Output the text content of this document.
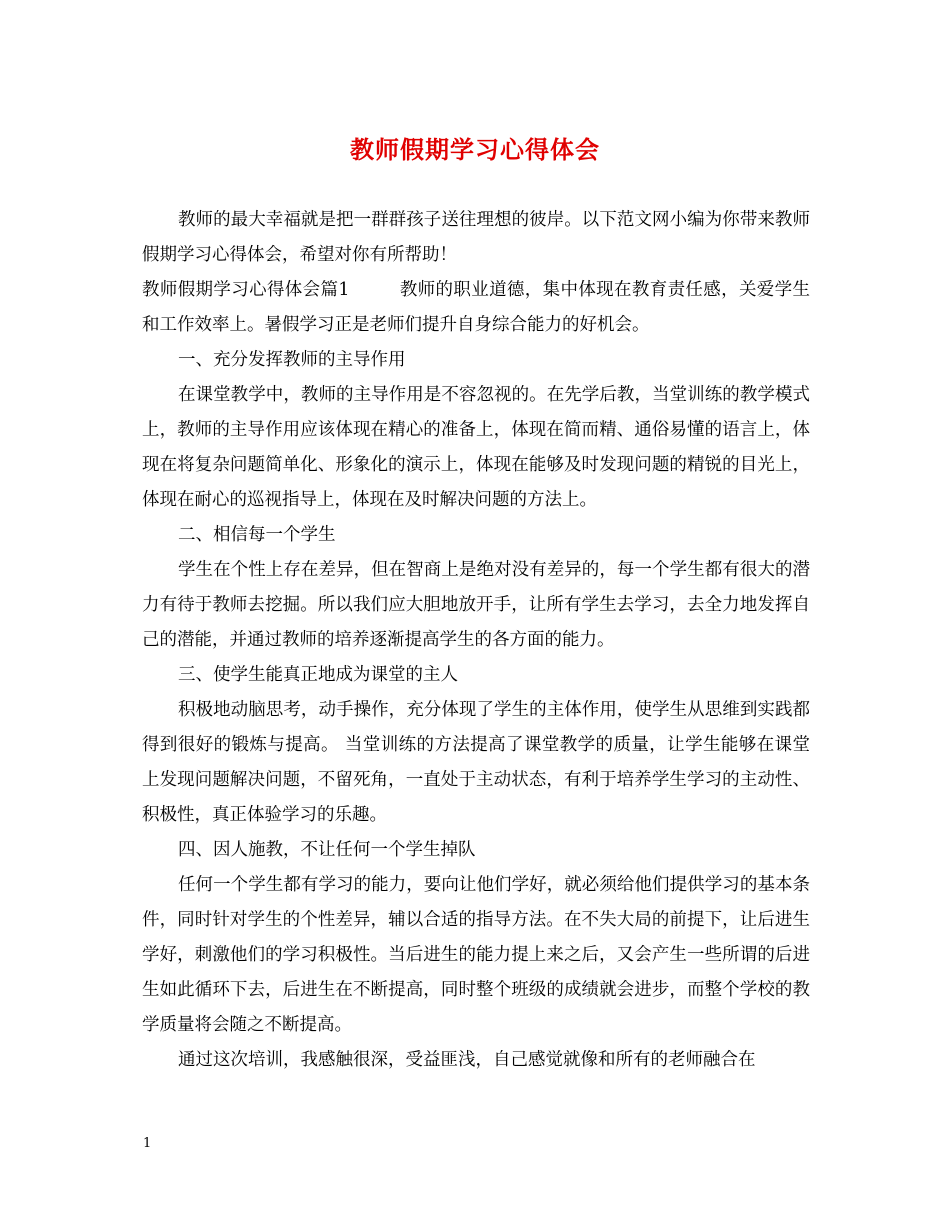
教师假期学习心得体会

教师的最大幸福就是把一群群孩子送往理想的彼岸。以下范文网小编为你带来教师假期学习心得体会，希望对你有所帮助！

教师假期学习心得体会篇1	教师的职业道德，集中体现在教育责任感，关爱学生和工作效率上。暑假学习正是老师们提升自身综合能力的好机会。

一、充分发挥教师的主导作用

在课堂教学中，教师的主导作用是不容忽视的。在先学后教，当堂训练的教学模式上，教师的主导作用应该体现在精心的准备上，体现在简而精、通俗易懂的语言上，体现在将复杂问题简单化、形象化的演示上，体现在能够及时发现问题的精锐的目光上，体现在耐心的巡视指导上，体现在及时解决问题的方法上。

二、相信每一个学生

学生在个性上存在差异，但在智商上是绝对没有差异的，每一个学生都有很大的潜力有待于教师去挖掘。所以我们应大胆地放开手，让所有学生去学习，去全力地发挥自己的潜能，并通过教师的培养逐渐提高学生的各方面的能力。

三、使学生能真正地成为课堂的主人

积极地动脑思考，动手操作，充分体现了学生的主体作用，使学生从思维到实践都得到很好的锻炼与提高。 当堂训练的方法提高了课堂教学的质量，让学生能够在课堂上发现问题解决问题，不留死角，一直处于主动状态，有利于培养学生学习的主动性、积极性，真正体验学习的乐趣。

四、因人施教，不让任何一个学生掉队

任何一个学生都有学习的能力，要向让他们学好，就必须给他们提供学习的基本条件，同时针对学生的个性差异，辅以合适的指导方法。在不失大局的前提下，让后进生学好，刺激他们的学习积极性。当后进生的能力提上来之后，又会产生一些所谓的后进生如此循环下去，后进生在不断提高，同时整个班级的成绩就会进步，而整个学校的教学质量将会随之不断提高。

通过这次培训，我感触很深，受益匪浅，自己感觉就像和所有的老师融合在

1
